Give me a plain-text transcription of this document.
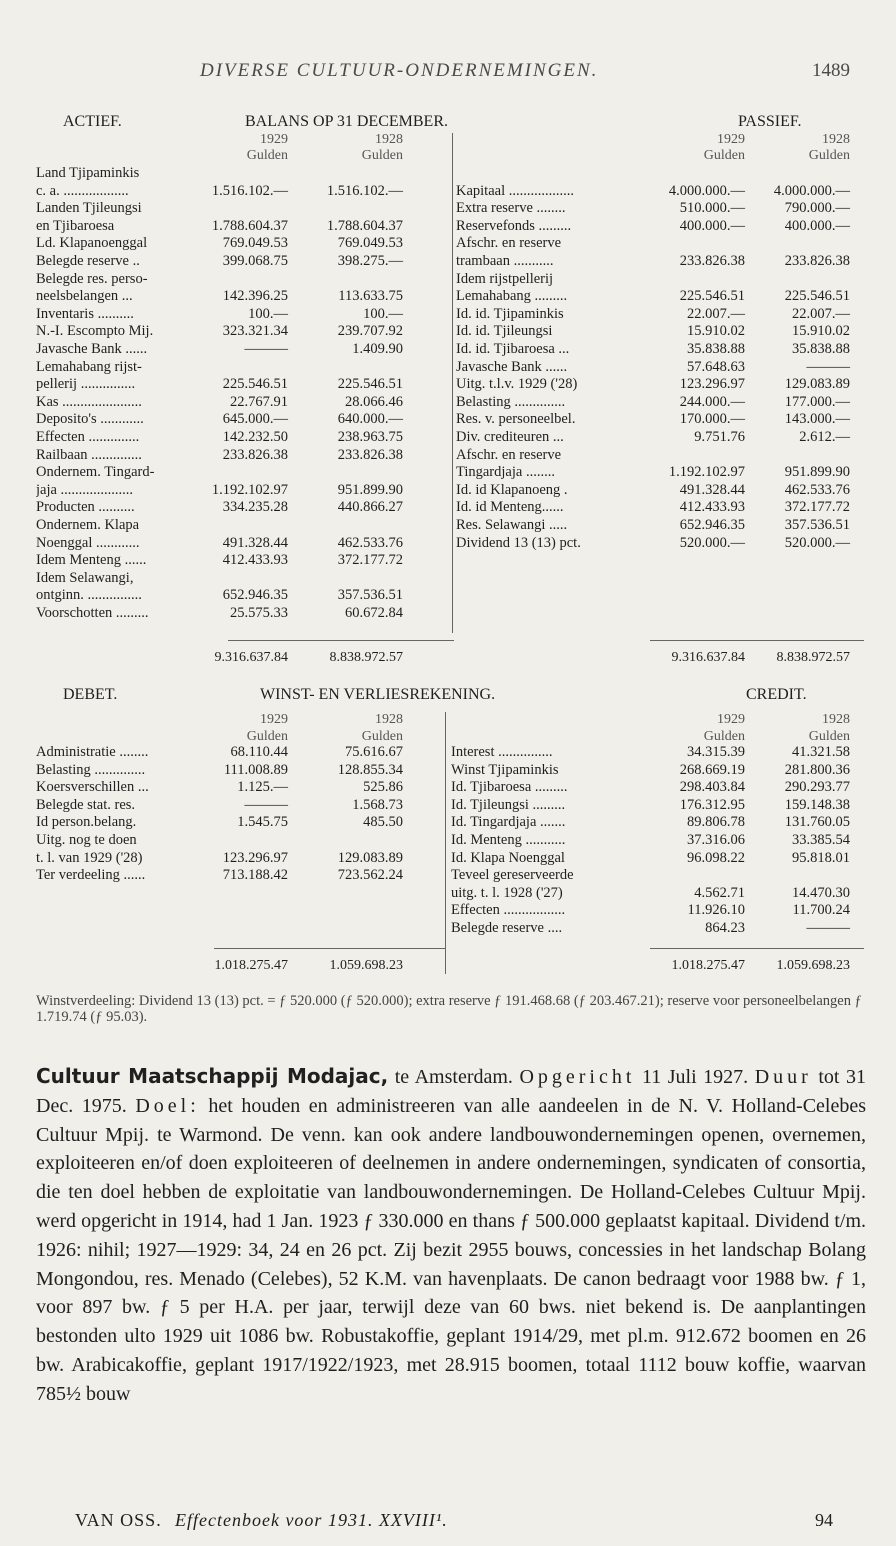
DIVERSE CULTUUR-ONDERNEMINGEN.	1489
ACTIEF.	BALANS OP 31 DECEMBER.	PASSIEF.
1929	1928
Gulden	Gulden
1929	1928
Gulden	Gulden
Land Tjipaminkis
c. a. ..................	1.516.102.—	1.516.102.—
Landen Tjileungsi
en Tjibaroesa	1.788.604.37	1.788.604.37
Ld. Klapanoenggal	769.049.53	769.049.53
Belegde reserve ..	399.068.75	398.275.—
Belegde res. perso-
neelsbelangen ...	142.396.25	113.633.75
Inventaris ..........	100.—	100.—
N.-I. Escompto Mij.	323.321.34	239.707.92
Javasche Bank ......	———	1.409.90
Lemahabang rijst-
pellerij ...............	225.546.51	225.546.51
Kas ......................	22.767.91	28.066.46
Deposito's ............	645.000.—	640.000.—
Effecten ..............	142.232.50	238.963.75
Railbaan ..............	233.826.38	233.826.38
Ondernem. Tingard-
jaja ....................	1.192.102.97	951.899.90
Producten ..........	334.235.28	440.866.27
Ondernem. Klapa
Noenggal ............	491.328.44	462.533.76
Idem Menteng ......	412.433.93	372.177.72
Idem Selawangi,
ontginn. ...............	652.946.35	357.536.51
Voorschotten .........	25.575.33	60.672.84
Kapitaal ..................	4.000.000.—	4.000.000.—
Extra reserve ........	510.000.—	790.000.—
Reservefonds .........	400.000.—	400.000.—
Afschr. en reserve
trambaan ...........	233.826.38	233.826.38
Idem rijstpellerij
Lemahabang .........	225.546.51	225.546.51
Id. id. Tjipaminkis	22.007.—	22.007.—
Id. id. Tjileungsi	15.910.02	15.910.02
Id. id. Tjibaroesa ...	35.838.88	35.838.88
Javasche Bank ......	57.648.63	———
Uitg. t.l.v. 1929 ('28)	123.296.97	129.083.89
Belasting ..............	244.000.—	177.000.—
Res. v. personeelbel.	170.000.—	143.000.—
Div. crediteuren ...	9.751.76	2.612.—
Afschr. en reserve
Tingardjaja ........	1.192.102.97	951.899.90
Id. id Klapanoeng .	491.328.44	462.533.76
Id. id Menteng......	412.433.93	372.177.72
Res. Selawangi .....	652.946.35	357.536.51
Dividend 13 (13) pct.	520.000.—	520.000.—
9.316.637.84	8.838.972.57	9.316.637.84	8.838.972.57
DEBET.	WINST- EN VERLIESREKENING.	CREDIT.
1929	1928
Gulden	Gulden
1929	1928
Gulden	Gulden
Administratie ........	68.110.44	75.616.67
Belasting ..............	111.008.89	128.855.34
Koersverschillen ...	1.125.—	525.86
Belegde stat. res.	———	1.568.73
Id person.belang.	1.545.75	485.50
Uitg. nog te doen
t. l. van 1929 ('28)	123.296.97	129.083.89
Ter verdeeling ......	713.188.42	723.562.24
Interest ...............	34.315.39	41.321.58
Winst Tjipaminkis	268.669.19	281.800.36
Id. Tjibaroesa .........	298.403.84	290.293.77
Id. Tjileungsi .........	176.312.95	159.148.38
Id. Tingardjaja .......	89.806.78	131.760.05
Id. Menteng ...........	37.316.06	33.385.54
Id. Klapa Noenggal	96.098.22	95.818.01
Teveel gereserveerde
uitg. t. l. 1928 ('27)	4.562.71	14.470.30
Effecten .................	11.926.10	11.700.24
Belegde reserve ....	864.23	———
1.018.275.47	1.059.698.23	1.018.275.47	1.059.698.23
Winstverdeeling: Dividend 13 (13) pct. = ƒ 520.000 (ƒ 520.000); extra reserve ƒ 191.468.68 (ƒ 203.467.21); reserve voor personeelbelangen ƒ 1.719.74 (ƒ 95.03).
Cultuur Maatschappij Modajac, te Amsterdam. Opgericht 11 Juli 1927. Duur tot 31 Dec. 1975. Doel: het houden en administreeren van alle aandeelen in de N. V. Holland-Celebes Cultuur Mpij. te Warmond. De venn. kan ook andere landbouwondernemingen openen, overnemen, exploiteeren en/of doen exploiteeren of deelnemen in andere ondernemingen, syndicaten of consortia, die ten doel hebben de exploitatie van landbouwondernemingen. De Holland-Celebes Cultuur Mpij. werd opgericht in 1914, had 1 Jan. 1923 ƒ 330.000 en thans ƒ 500.000 geplaatst kapitaal. Dividend t/m. 1926: nihil; 1927—1929: 34, 24 en 26 pct. Zij bezit 2955 bouws, concessies in het landschap Bolang Mongondou, res. Menado (Celebes), 52 K.M. van havenplaats. De canon bedraagt voor 1988 bw. ƒ 1, voor 897 bw. ƒ 5 per H.A. per jaar, terwijl deze van 60 bws. niet bekend is. De aanplantingen bestonden ulto 1929 uit 1086 bw. Robustakoffie, geplant 1914/29, met pl.m. 912.672 boomen en 26 bw. Arabicakoffie, geplant 1917/1922/1923, met 28.915 boomen, totaal 1112 bouw koffie, waarvan 785½ bouw
VAN OSS. Effectenboek voor 1931. XXVIII¹.	94
